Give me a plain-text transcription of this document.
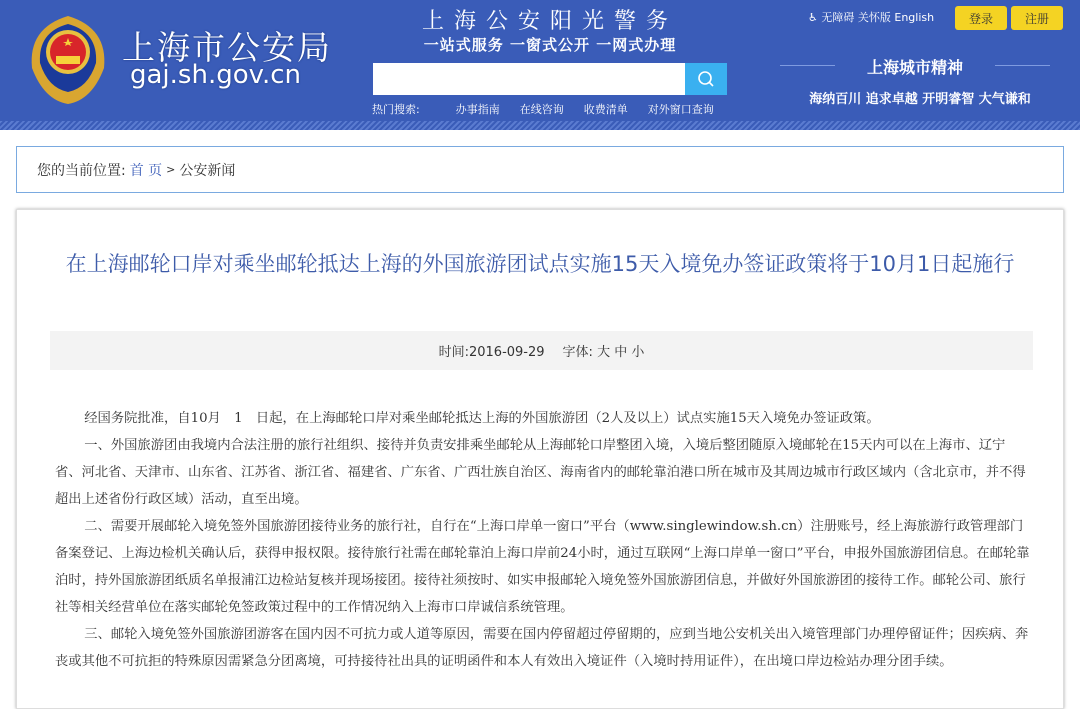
上海市公安局
gaj.sh.gov.cn
上海公安阳光警务
一站式服务 一窗式公开 一网式办理
热门搜索:	办事指南 在线咨询 收费清单 对外窗口查询
♿ 无障碍 关怀版 English	登录	注册
上海城市精神
海纳百川 追求卓越 开明睿智 大气谦和
您的当前位置: 首 页 > 公安新闻
在上海邮轮口岸对乘坐邮轮抵达上海的外国旅游团试点实施15天入境免办签证政策将于10月1日起施行
时间:2016-09-29 字体: 大 中 小

经国务院批准，自10月　1　日起，在上海邮轮口岸对乘坐邮轮抵达上海的外国旅游团（2人及以上）试点实施15天入境免办签证政策。

一、外国旅游团由我境内合法注册的旅行社组织、接待并负责安排乘坐邮轮从上海邮轮口岸整团入境，入境后整团随原入境邮轮在15天内可以在上海市、辽宁省、河北省、天津市、山东省、江苏省、浙江省、福建省、广东省、广西壮族自治区、海南省内的邮轮靠泊港口所在城市及其周边城市行政区域内（含北京市，并不得超出上述省份行政区域）活动，直至出境。

二、需要开展邮轮入境免签外国旅游团接待业务的旅行社，自行在“上海口岸单一窗口”平台（www.singlewindow.sh.cn）注册账号，经上海旅游行政管理部门备案登记、上海边检机关确认后，获得申报权限。接待旅行社需在邮轮靠泊上海口岸前24小时，通过互联网“上海口岸单一窗口”平台，申报外国旅游团信息。在邮轮靠泊时，持外国旅游团纸质名单报浦江边检站复核并现场接团。接待社须按时、如实申报邮轮入境免签外国旅游团信息，并做好外国旅游团的接待工作。邮轮公司、旅行社等相关经营单位在落实邮轮免签政策过程中的工作情况纳入上海市口岸诚信系统管理。

三、邮轮入境免签外国旅游团游客在国内因不可抗力或人道等原因，需要在国内停留超过停留期的，应到当地公安机关出入境管理部门办理停留证件；因疾病、奔丧或其他不可抗拒的特殊原因需紧急分团离境，可持接待社出具的证明函件和本人有效出入境证件（入境时持用证件），在出境口岸边检站办理分团手续。
